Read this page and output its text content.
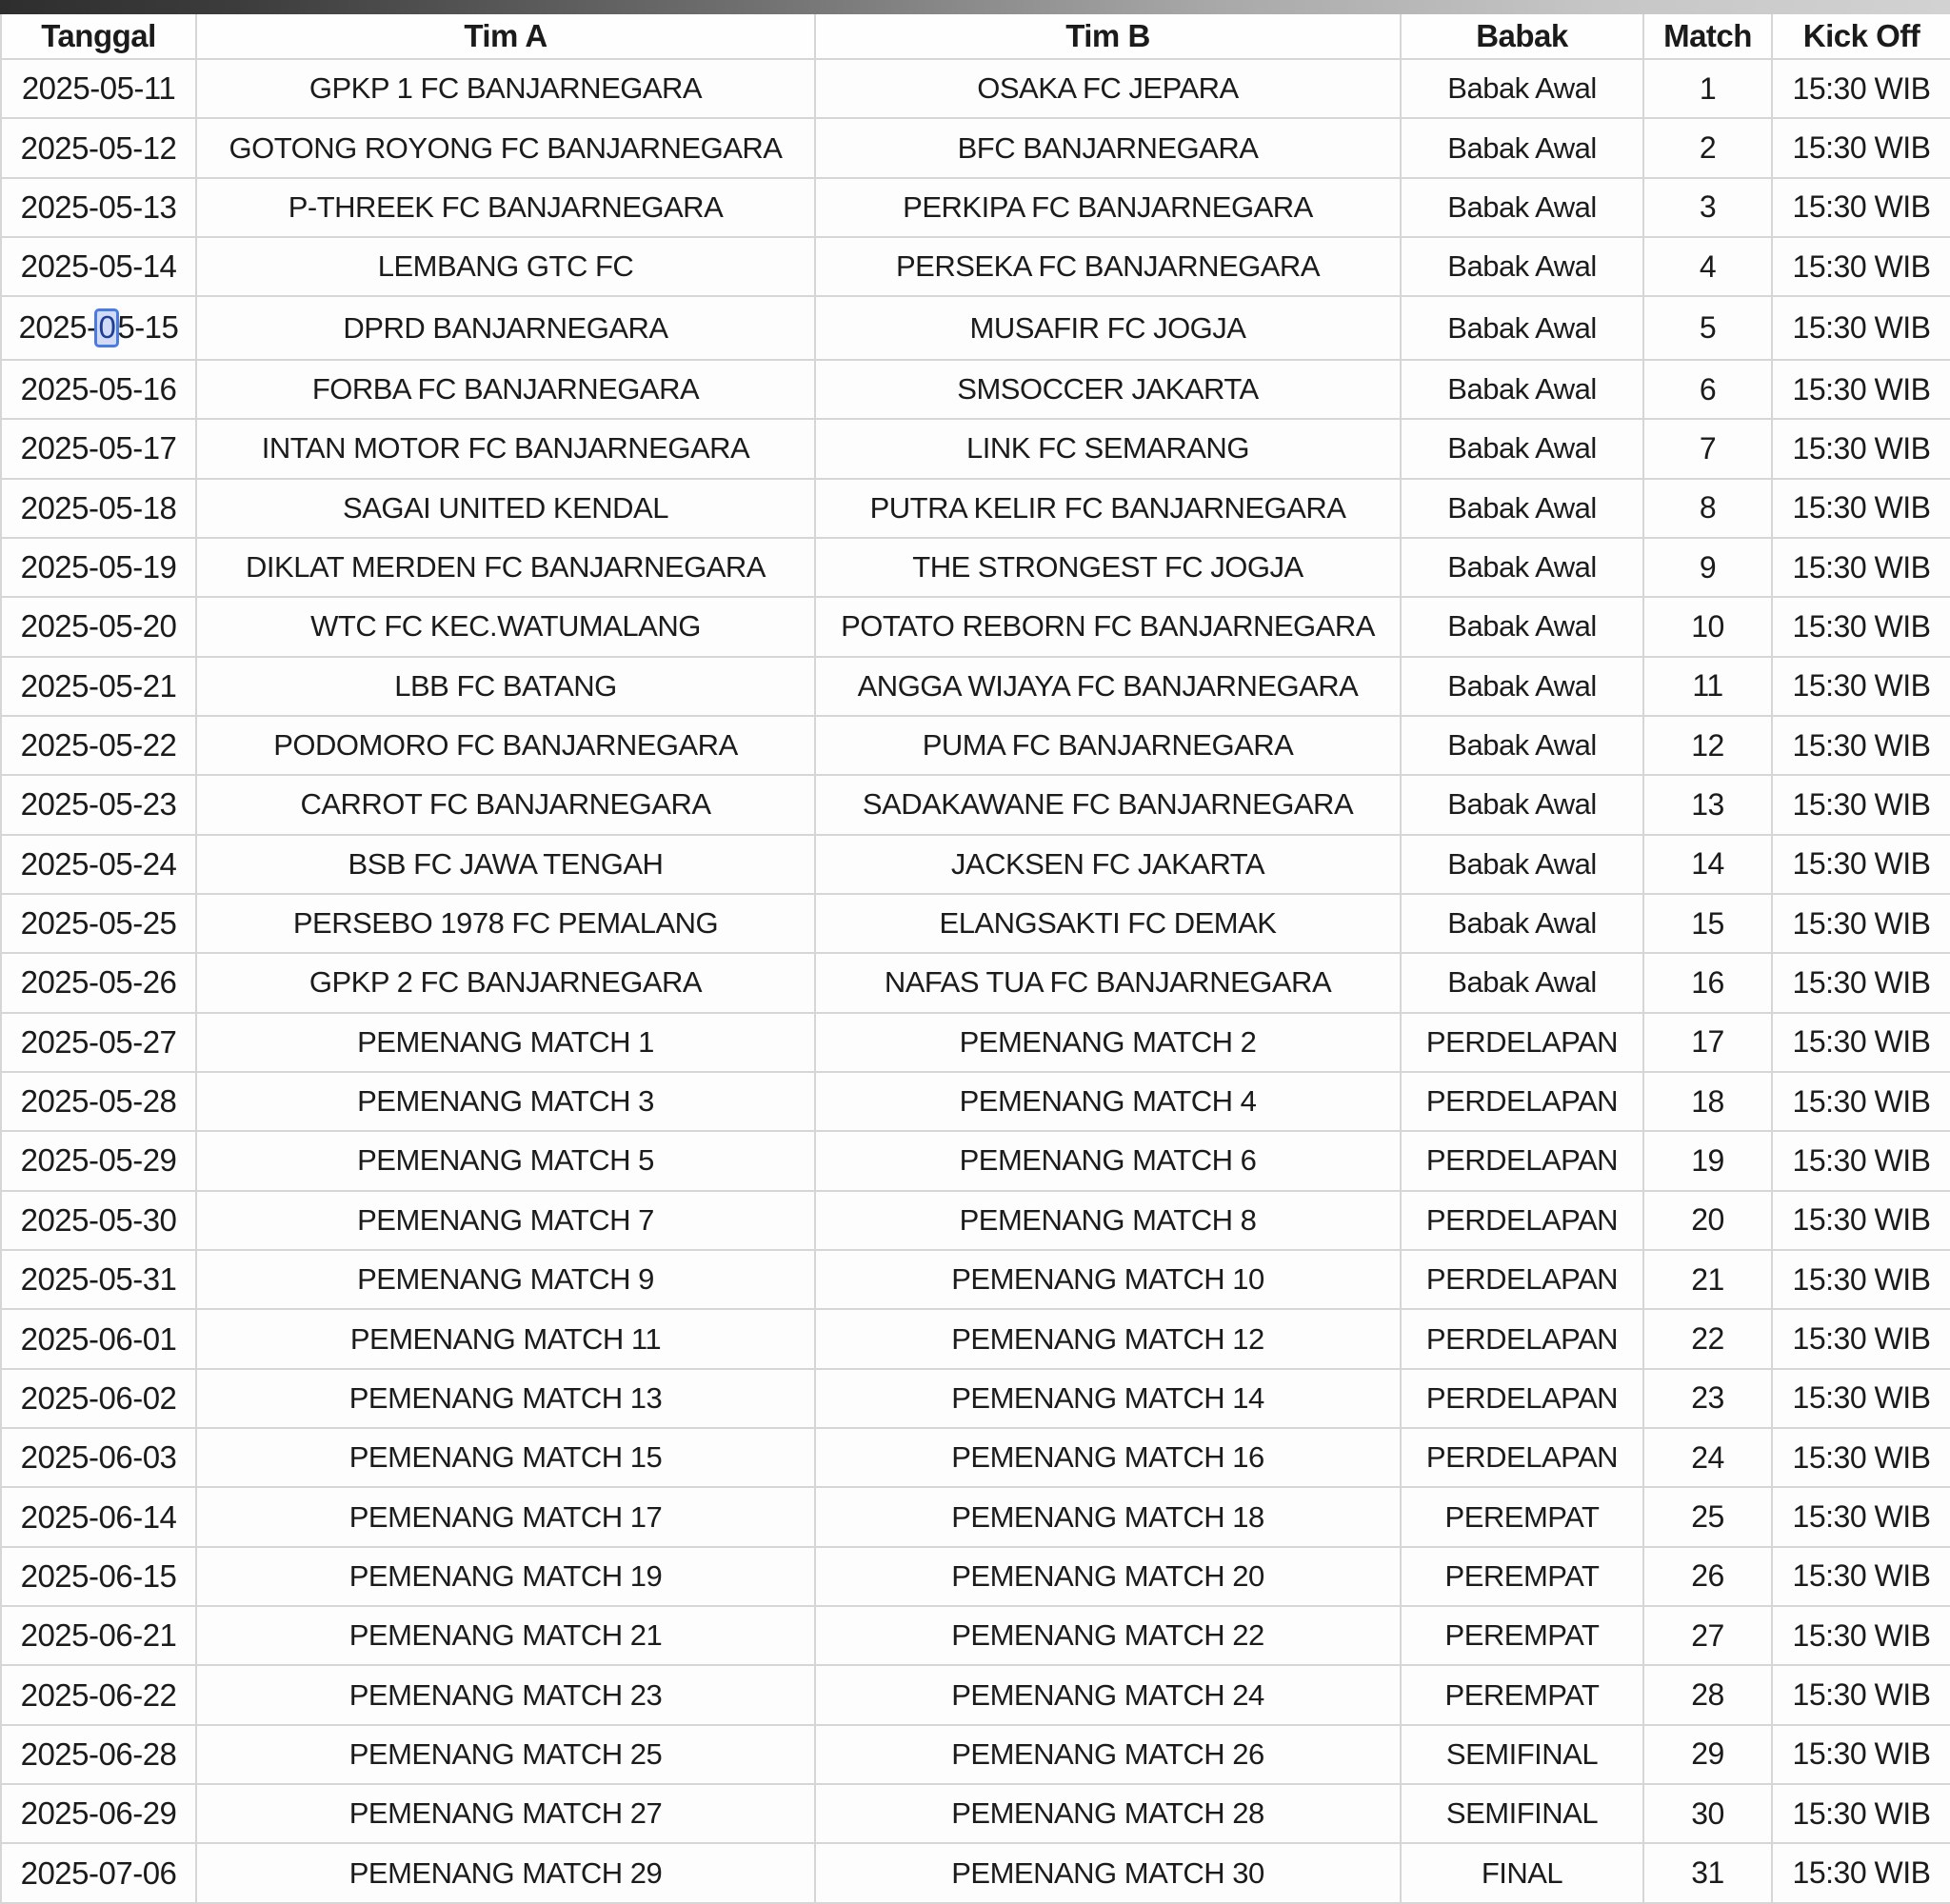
Tanggal	Tim A	Tim B	Babak	Match	Kick Off
2025-05-11	GPKP 1 FC BANJARNEGARA	OSAKA FC JEPARA	Babak Awal	1	15:30 WIB
2025-05-12	GOTONG ROYONG FC BANJARNEGARA	BFC BANJARNEGARA	Babak Awal	2	15:30 WIB
2025-05-13	P-THREEK FC BANJARNEGARA	PERKIPA FC BANJARNEGARA	Babak Awal	3	15:30 WIB
2025-05-14	LEMBANG GTC FC	PERSEKA FC BANJARNEGARA	Babak Awal	4	15:30 WIB
2025-05-15	DPRD BANJARNEGARA	MUSAFIR FC JOGJA	Babak Awal	5	15:30 WIB
2025-05-16	FORBA FC BANJARNEGARA	SMSOCCER JAKARTA	Babak Awal	6	15:30 WIB
2025-05-17	INTAN MOTOR FC BANJARNEGARA	LINK FC SEMARANG	Babak Awal	7	15:30 WIB
2025-05-18	SAGAI UNITED KENDAL	PUTRA KELIR FC BANJARNEGARA	Babak Awal	8	15:30 WIB
2025-05-19	DIKLAT MERDEN FC BANJARNEGARA	THE STRONGEST FC JOGJA	Babak Awal	9	15:30 WIB
2025-05-20	WTC FC KEC.WATUMALANG	POTATO REBORN FC BANJARNEGARA	Babak Awal	10	15:30 WIB
2025-05-21	LBB FC BATANG	ANGGA WIJAYA FC BANJARNEGARA	Babak Awal	11	15:30 WIB
2025-05-22	PODOMORO FC BANJARNEGARA	PUMA FC BANJARNEGARA	Babak Awal	12	15:30 WIB
2025-05-23	CARROT FC BANJARNEGARA	SADAKAWANE FC BANJARNEGARA	Babak Awal	13	15:30 WIB
2025-05-24	BSB FC JAWA TENGAH	JACKSEN FC JAKARTA	Babak Awal	14	15:30 WIB
2025-05-25	PERSEBO 1978 FC PEMALANG	ELANGSAKTI FC DEMAK	Babak Awal	15	15:30 WIB
2025-05-26	GPKP 2 FC BANJARNEGARA	NAFAS TUA FC BANJARNEGARA	Babak Awal	16	15:30 WIB
2025-05-27	PEMENANG MATCH 1	PEMENANG MATCH 2	PERDELAPAN	17	15:30 WIB
2025-05-28	PEMENANG MATCH 3	PEMENANG MATCH 4	PERDELAPAN	18	15:30 WIB
2025-05-29	PEMENANG MATCH 5	PEMENANG MATCH 6	PERDELAPAN	19	15:30 WIB
2025-05-30	PEMENANG MATCH 7	PEMENANG MATCH 8	PERDELAPAN	20	15:30 WIB
2025-05-31	PEMENANG MATCH 9	PEMENANG MATCH 10	PERDELAPAN	21	15:30 WIB
2025-06-01	PEMENANG MATCH 11	PEMENANG MATCH 12	PERDELAPAN	22	15:30 WIB
2025-06-02	PEMENANG MATCH 13	PEMENANG MATCH 14	PERDELAPAN	23	15:30 WIB
2025-06-03	PEMENANG MATCH 15	PEMENANG MATCH 16	PERDELAPAN	24	15:30 WIB
2025-06-14	PEMENANG MATCH 17	PEMENANG MATCH 18	PEREMPAT	25	15:30 WIB
2025-06-15	PEMENANG MATCH 19	PEMENANG MATCH 20	PEREMPAT	26	15:30 WIB
2025-06-21	PEMENANG MATCH 21	PEMENANG MATCH 22	PEREMPAT	27	15:30 WIB
2025-06-22	PEMENANG MATCH 23	PEMENANG MATCH 24	PEREMPAT	28	15:30 WIB
2025-06-28	PEMENANG MATCH 25	PEMENANG MATCH 26	SEMIFINAL	29	15:30 WIB
2025-06-29	PEMENANG MATCH 27	PEMENANG MATCH 28	SEMIFINAL	30	15:30 WIB
2025-07-06	PEMENANG MATCH 29	PEMENANG MATCH 30	FINAL	31	15:30 WIB
